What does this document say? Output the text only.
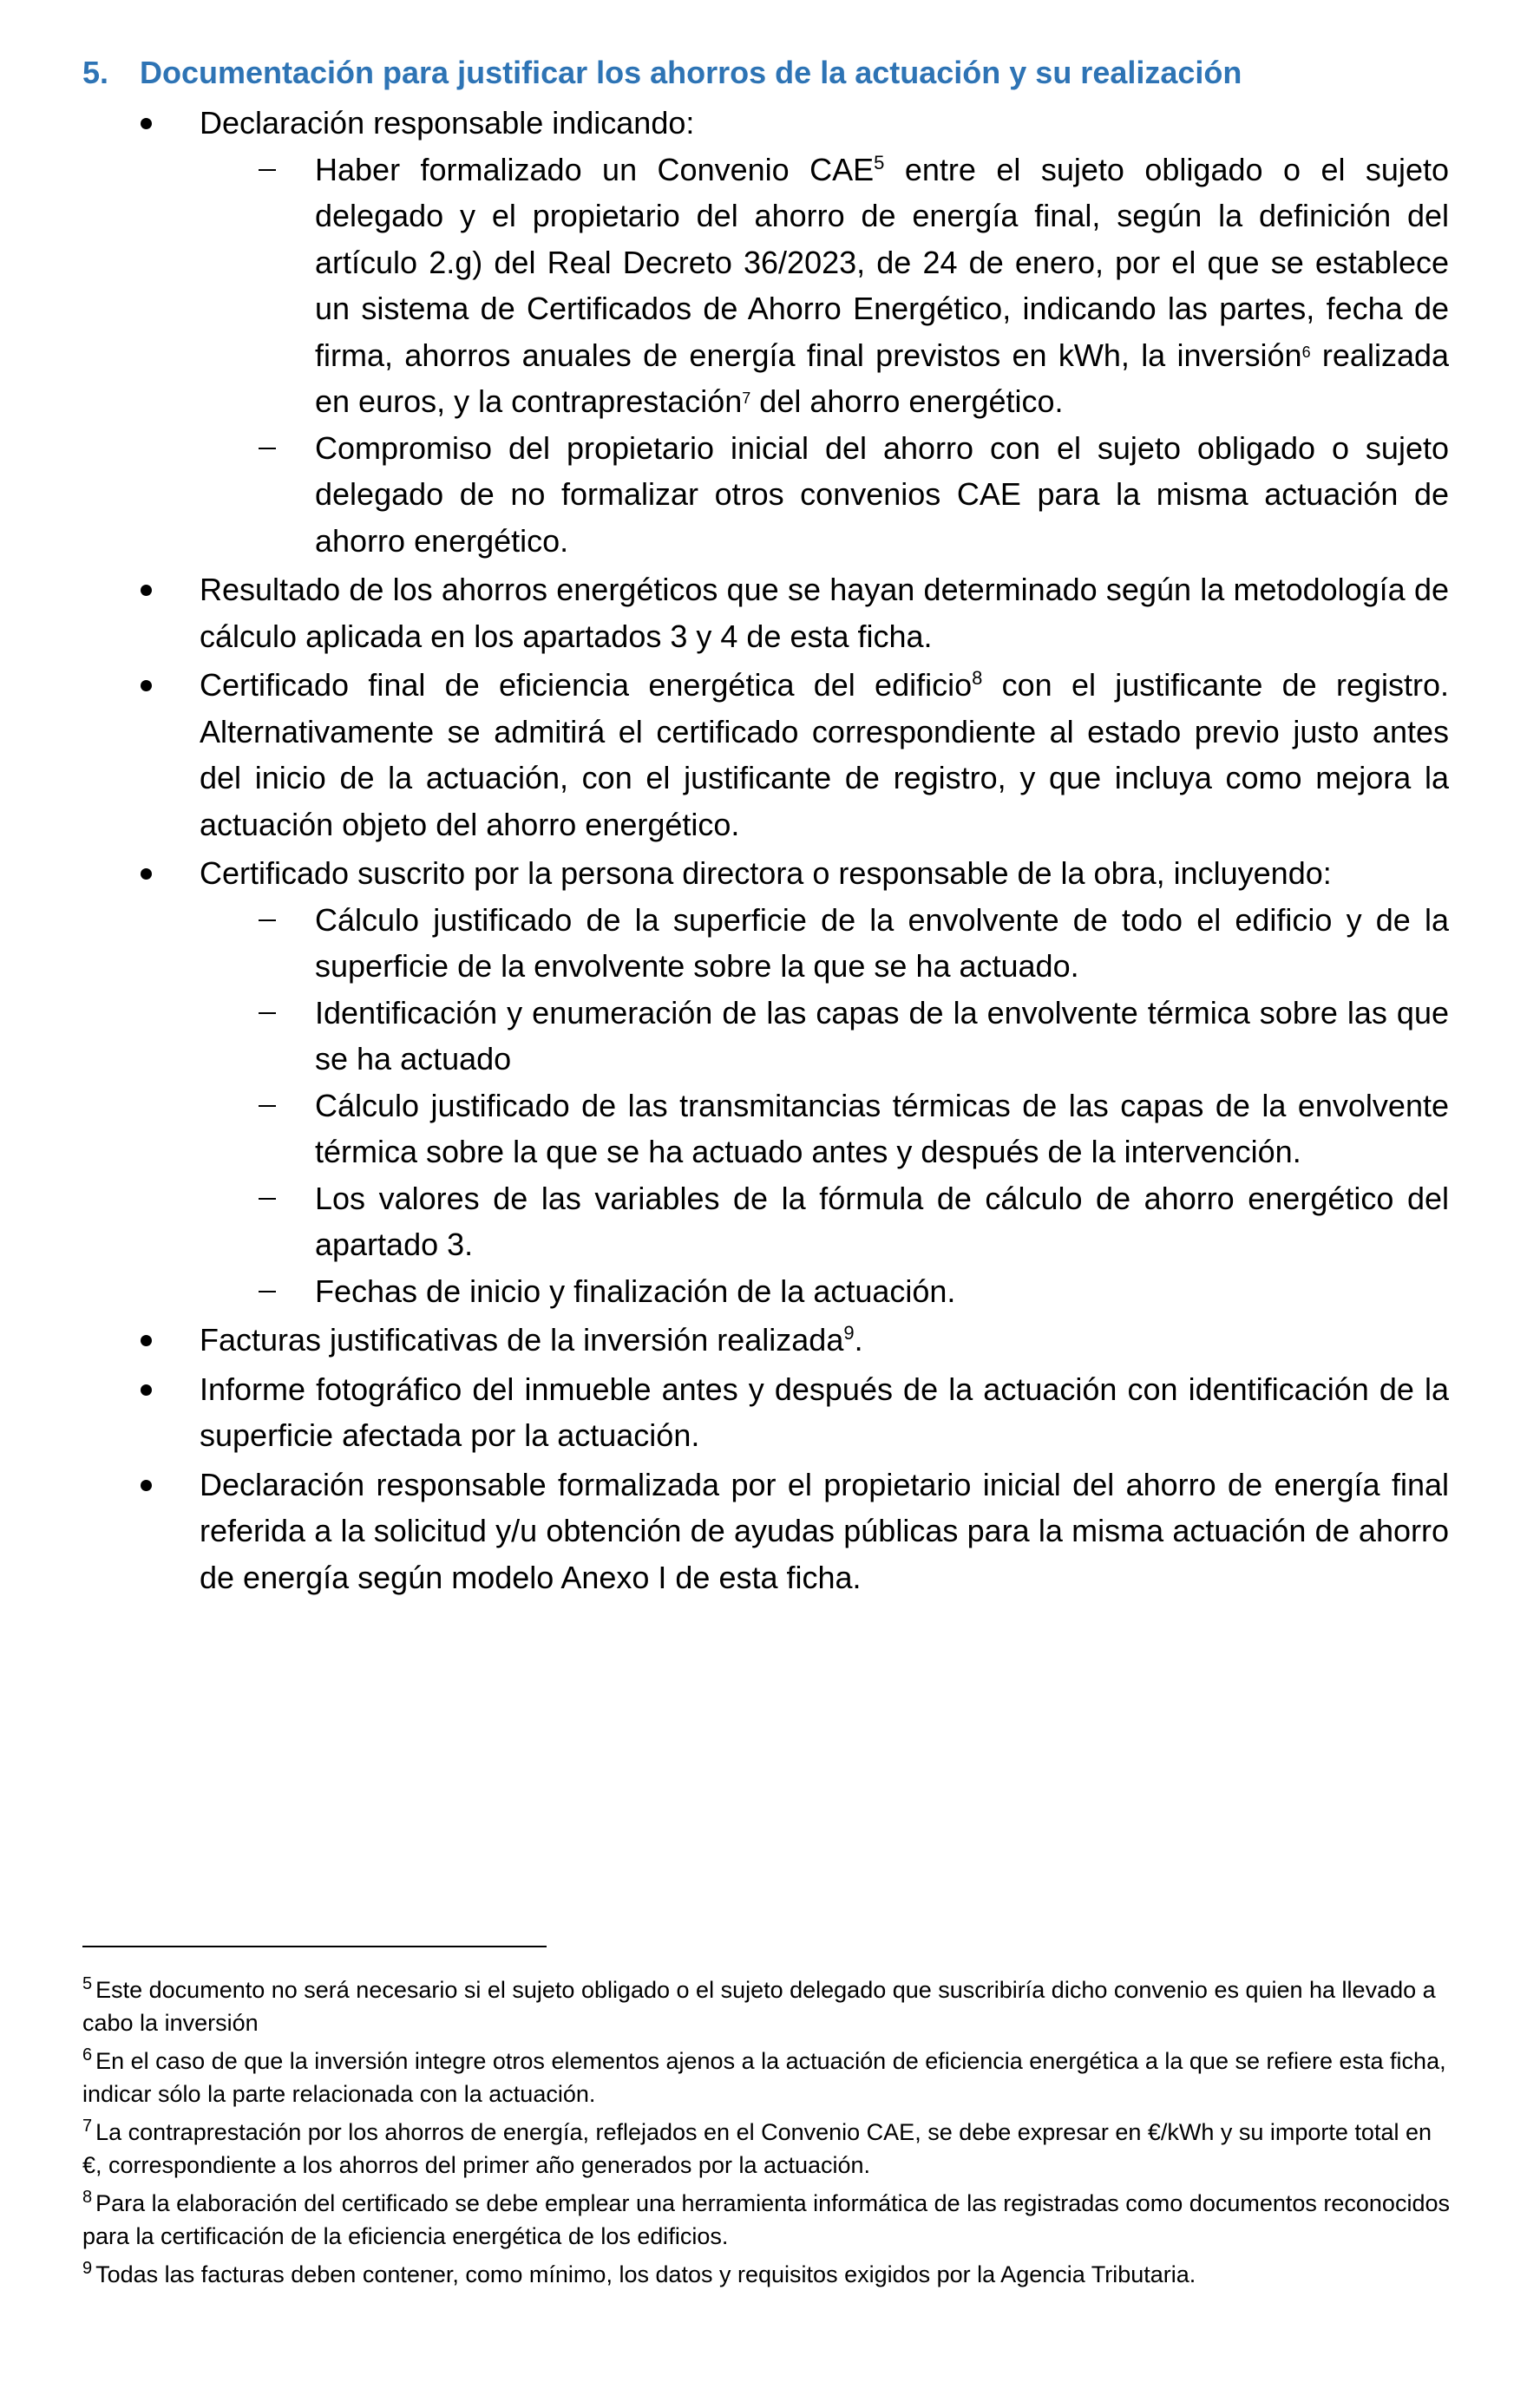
5. Documentación para justificar los ahorros de la actuación y su realización
Declaración responsable indicando:
Haber formalizado un Convenio CAE$^5$ entre el sujeto obligado o el sujeto delegado y el propietario del ahorro de energía final, según la definición del artículo 2.g) del Real Decreto 36/2023, de 24 de enero, por el que se establece un sistema de Certificados de Ahorro Energético, indicando las partes, fecha de firma, ahorros anuales de energía final previstos en kWh, la inversión$^6$ realizada en euros, y la contraprestación$^7$ del ahorro energético.
Compromiso del propietario inicial del ahorro con el sujeto obligado o sujeto delegado de no formalizar otros convenios CAE para la misma actuación de ahorro energético.
Resultado de los ahorros energéticos que se hayan determinado según la metodología de cálculo aplicada en los apartados 3 y 4 de esta ficha.
Certificado final de eficiencia energética del edificio$^8$ con el justificante de registro. Alternativamente se admitirá el certificado correspondiente al estado previo justo antes del inicio de la actuación, con el justificante de registro, y que incluya como mejora la actuación objeto del ahorro energético.
Certificado suscrito por la persona directora o responsable de la obra, incluyendo:
Cálculo justificado de la superficie de la envolvente de todo el edificio y de la superficie de la envolvente sobre la que se ha actuado.
Identificación y enumeración de las capas de la envolvente térmica sobre las que se ha actuado
Cálculo justificado de las transmitancias térmicas de las capas de la envolvente térmica sobre la que se ha actuado antes y después de la intervención.
Los valores de las variables de la fórmula de cálculo de ahorro energético del apartado 3.
Fechas de inicio y finalización de la actuación.
Facturas justificativas de la inversión realizada$^9$.
Informe fotográfico del inmueble antes y después de la actuación con identificación de la superficie afectada por la actuación.
Declaración responsable formalizada por el propietario inicial del ahorro de energía final referida a la solicitud y/u obtención de ayudas públicas para la misma actuación de ahorro de energía según modelo Anexo I de esta ficha.
$^5$ Este documento no será necesario si el sujeto obligado o el sujeto delegado que suscribiría dicho convenio es quien ha llevado a cabo la inversión
$^6$ En el caso de que la inversión integre otros elementos ajenos a la actuación de eficiencia energética a la que se refiere esta ficha, indicar sólo la parte relacionada con la actuación.
$^7$ La contraprestación por los ahorros de energía, reflejados en el Convenio CAE, se debe expresar en €/kWh y su importe total en €, correspondiente a los ahorros del primer año generados por la actuación.
$^8$ Para la elaboración del certificado se debe emplear una herramienta informática de las registradas como documentos reconocidos para la certificación de la eficiencia energética de los edificios.
$^9$ Todas las facturas deben contener, como mínimo, los datos y requisitos exigidos por la Agencia Tributaria.
